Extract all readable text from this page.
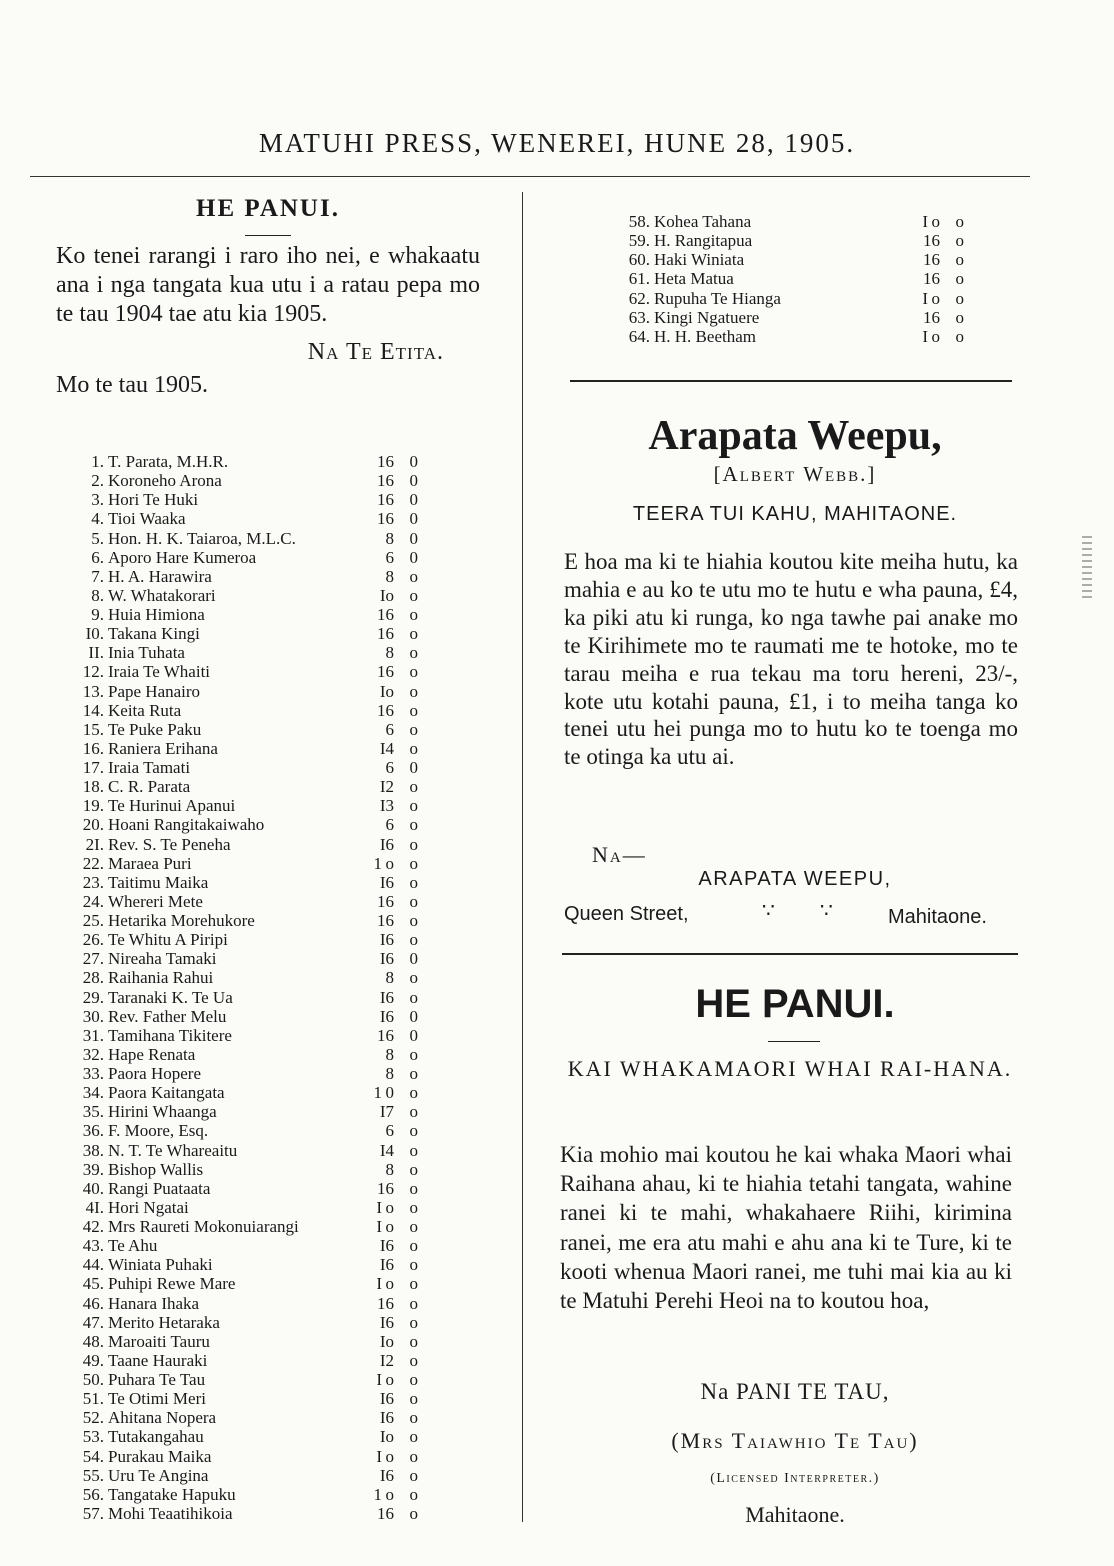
MATUHI PRESS, WENEREI, HUNE 28, 1905.
HE PANUI.

Ko tenei rarangi i raro iho nei, e whakaatu ana i nga tangata kua utu i a ratau pepa mo te tau 1904 tae atu kia 1905.

Na Te Etita.
Mo te tau 1905.
1. T. Parata, M.H.R.	16 0
2. Koroneho Arona	16 0
3. Hori Te Huki	16 0
4. Tioi Waaka	16 0
5. Hon. H. K. Taiaroa, M.L.C.	8 0
6. Aporo Hare Kumeroa	6 0
7. H. A. Harawira	8 o
8. W. Whatakorari	Io o
9. Huia Himiona	16 o
I0. Takana Kingi	16 o
II. Inia Tuhata	8 o
12. Iraia Te Whaiti	16 o
13. Pape Hanairo	Io o
14. Keita Ruta	16 o
15. Te Puke Paku	6 o
16. Raniera Erihana	I4 o
17. Iraia Tamati	6 0
18. C. R. Parata	I2 o
19. Te Hurinui Apanui	I3 o
20. Hoani Rangitakaiwaho	6 o
2I. Rev. S. Te Peneha	I6 o
22. Maraea Puri	1 o o
23. Taitimu Maika	I6 o
24. Whereri Mete	16 o
25. Hetarika Morehukore	16 o
26. Te Whitu A Piripi	I6 o
27. Nireaha Tamaki	I6 0
28. Raihania Rahui	8 o
29. Taranaki K. Te Ua	I6 o
30. Rev. Father Melu	I6 0
31. Tamihana Tikitere	16 0
32. Hape Renata	8 o
33. Paora Hopere	8 o
34. Paora Kaitangata	1 0 o
35. Hirini Whaanga	I7 o
36. F. Moore, Esq.	6 o
38. N. T. Te Whareaitu	I4 o
39. Bishop Wallis	8 o
40. Rangi Puataata	16 o
4I. Hori Ngatai	I o o
42. Mrs Raureti Mokonuiarangi	I o o
43. Te Ahu	I6 o
44. Winiata Puhaki	I6 o
45. Puhipi Rewe Mare	I o o
46. Hanara Ihaka	16 o
47. Merito Hetaraka	I6 o
48. Maroaiti Tauru	Io o
49. Taane Hauraki	I2 o
50. Puhara Te Tau	I o o
51. Te Otimi Meri	I6 o
52. Ahitana Nopera	I6 o
53. Tutakangahau	Io o
54. Purakau Maika	I o o
55. Uru Te Angina	I6 o
56. Tangatake Hapuku	1 o o
57. Mohi Teaatihikoia	16 o
58. Kohea Tahana	I o o
59. H. Rangitapua	16 o
60. Haki Winiata	16 o
61. Heta Matua	16 o
62. Rupuha Te Hianga	I o o
63. Kingi Ngatuere	16 o
64. H. H. Beetham	I o o
Arapata Weepu,
[Albert Webb.]
TEERA TUI KAHU, MAHITAONE.

E hoa ma ki te hiahia koutou kite meiha hutu, ka mahia e au ko te utu mo te hutu e wha pauna, £4, ka piki atu ki runga, ko nga tawhe pai anake mo te Kirihimete mo te raumati me te hotoke, mo te tarau meiha e rua tekau ma toru hereni, 23/-, kote utu kotahi pauna, £1, i to meiha tanga ko tenei utu hei punga mo to hutu ko te toenga mo te otinga ka utu ai.

Na—
ARAPATA WEEPU,
Queen Street,	∵ ∵	Mahitaone.
HE PANUI.

KAI WHAKAMAORI WHAI RAI-HANA.

Kia mohio mai koutou he kai whaka Maori whai Raihana ahau, ki te hiahia tetahi tangata, wahine ranei ki te mahi, whakahaere Riihi, kirimina ranei, me era atu mahi e ahu ana ki te Ture, ki te kooti whenua Maori ranei, me tuhi mai kia au ki te Matuhi Perehi Heoi na to koutou hoa,

Na PANI TE TAU,
(Mrs Taiawhio Te Tau)
(Licensed Interpreter.)
Mahitaone.
